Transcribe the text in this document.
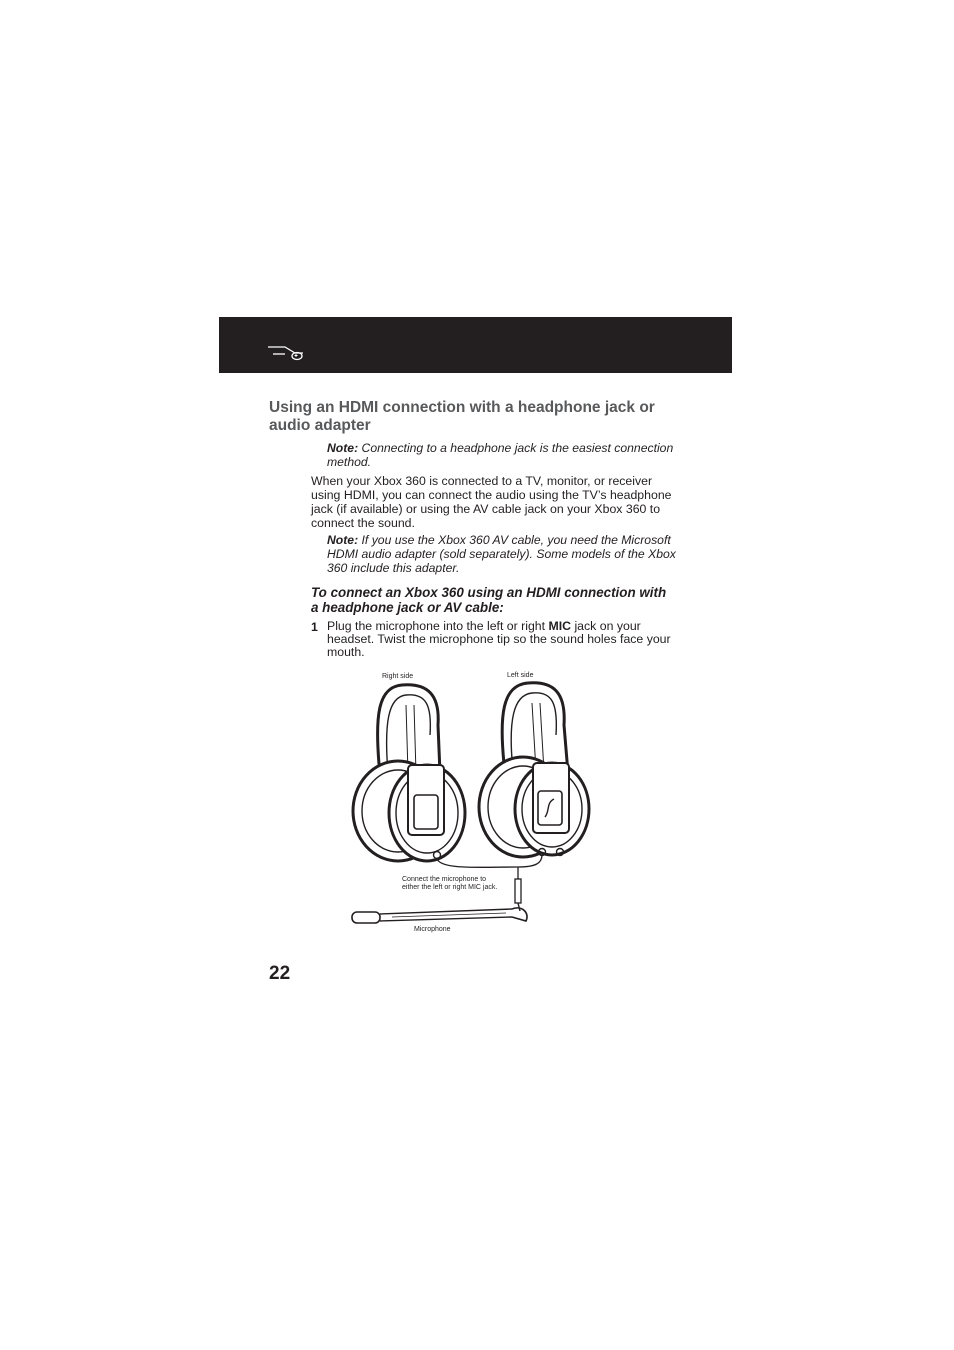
Using an HDMI connection with a headphone jack or audio adapter

Note: Connecting to a headphone jack is the easiest connection method.

When your Xbox 360 is connected to a TV, monitor, or receiver using HDMI, you can connect the audio using the TV’s headphone jack (if available) or using the AV cable jack on your Xbox 360 to connect the sound.

Note: If you use the Xbox 360 AV cable, you need the Microsoft HDMI audio adapter (sold separately). Some models of the Xbox 360 include this adapter.

To connect an Xbox 360 using an HDMI connection with a headphone jack or AV cable:
1 Plug the microphone into the left or right MIC jack on your headset. Twist the microphone tip so the sound holes face your mouth.

Right side	Left side
Connect the microphone to
either the left or right MIC jack.
Microphone
22
